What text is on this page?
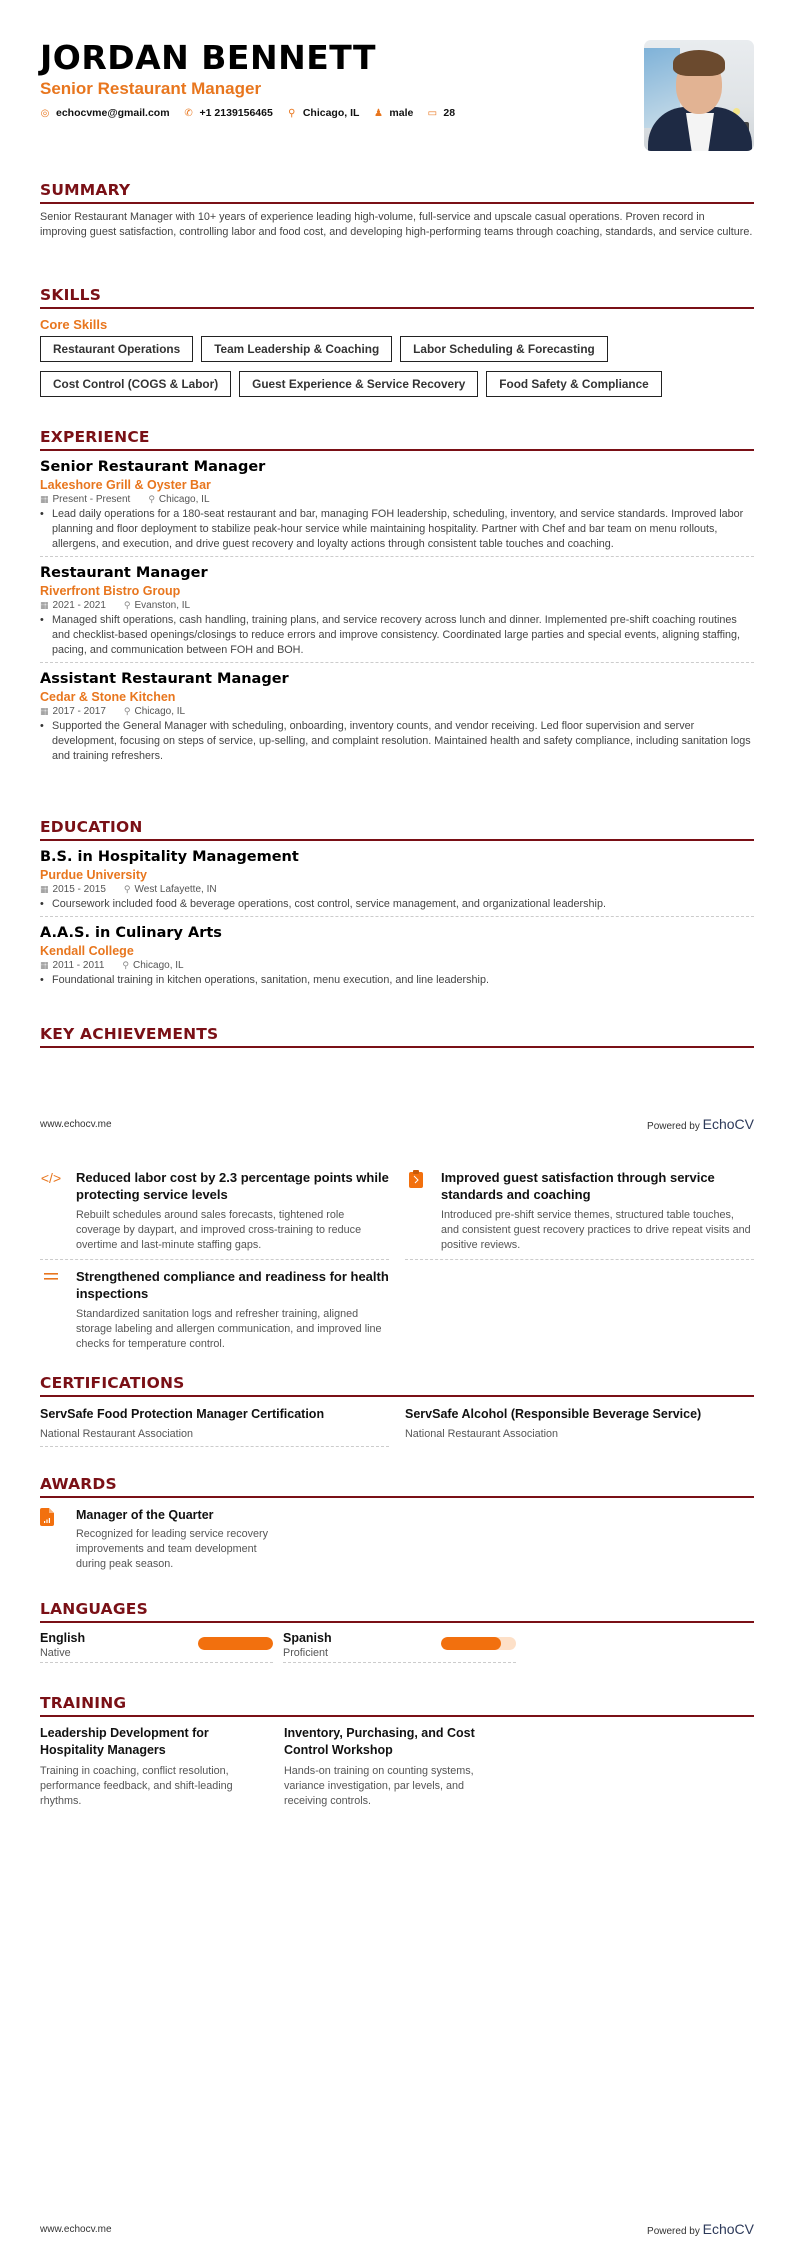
JORDAN BENNETT
Senior Restaurant Manager
◎ echocvme@gmail.com ✆ +1 2139156465 ⚲ Chicago, IL ♟ male ▭ 28
SUMMARY
Senior Restaurant Manager with 10+ years of experience leading high-volume, full-service and upscale casual operations. Proven record in improving guest satisfaction, controlling labor and food cost, and developing high-performing teams through coaching, standards, and service culture.
SKILLS
Core Skills
Restaurant Operations	Team Leadership & Coaching	Labor Scheduling & Forecasting
Cost Control (COGS & Labor)	Guest Experience & Service Recovery	Food Safety & Compliance
EXPERIENCE
Senior Restaurant Manager
Lakeshore Grill & Oyster Bar
▦ Present - Present ⚲ Chicago, IL
• Lead daily operations for a 180-seat restaurant and bar, managing FOH leadership, scheduling, inventory, and service standards. Improved labor planning and floor deployment to stabilize peak-hour service while maintaining hospitality. Partner with Chef and bar team on menu rollouts, allergens, and execution, and drive guest recovery and loyalty actions through consistent table touches and coaching.
Restaurant Manager
Riverfront Bistro Group
▦ 2021 - 2021 ⚲ Evanston, IL
• Managed shift operations, cash handling, training plans, and service recovery across lunch and dinner. Implemented pre-shift coaching routines and checklist-based openings/closings to reduce errors and improve consistency. Coordinated large parties and special events, aligning staffing, pacing, and communication between FOH and BOH.
Assistant Restaurant Manager
Cedar & Stone Kitchen
▦ 2017 - 2017 ⚲ Chicago, IL
• Supported the General Manager with scheduling, onboarding, inventory counts, and vendor receiving. Led floor supervision and server development, focusing on steps of service, up-selling, and complaint resolution. Maintained health and safety compliance, including sanitation logs and training refreshers.
EDUCATION
B.S. in Hospitality Management
Purdue University
▦ 2015 - 2015 ⚲ West Lafayette, IN
• Coursework included food & beverage operations, cost control, service management, and organizational leadership.
A.A.S. in Culinary Arts
Kendall College
▦ 2011 - 2011 ⚲ Chicago, IL
• Foundational training in kitchen operations, sanitation, menu execution, and line leadership.
KEY ACHIEVEMENTS
www.echocv.me	Powered by EchoCV
</> Reduced labor cost by 2.3 percentage points while protecting service levels
Rebuilt schedules around sales forecasts, tightened role coverage by daypart, and improved cross-training to reduce overtime and last-minute staffing gaps.
Improved guest satisfaction through service standards and coaching
Introduced pre-shift service themes, structured table touches, and consistent guest recovery practices to drive repeat visits and positive reviews.
Strengthened compliance and readiness for health inspections
Standardized sanitation logs and refresher training, aligned storage labeling and allergen communication, and improved line checks for temperature control.
CERTIFICATIONS
ServSafe Food Protection Manager Certification
National Restaurant Association
ServSafe Alcohol (Responsible Beverage Service)
National Restaurant Association
AWARDS
Manager of the Quarter
Recognized for leading service recovery improvements and team development during peak season.
LANGUAGES
English
Native
Spanish
Proficient
TRAINING
Leadership Development for Hospitality Managers
Training in coaching, conflict resolution, performance feedback, and shift-leading rhythms.
Inventory, Purchasing, and Cost Control Workshop
Hands-on training on counting systems, variance investigation, par levels, and receiving controls.
www.echocv.me	Powered by EchoCV
